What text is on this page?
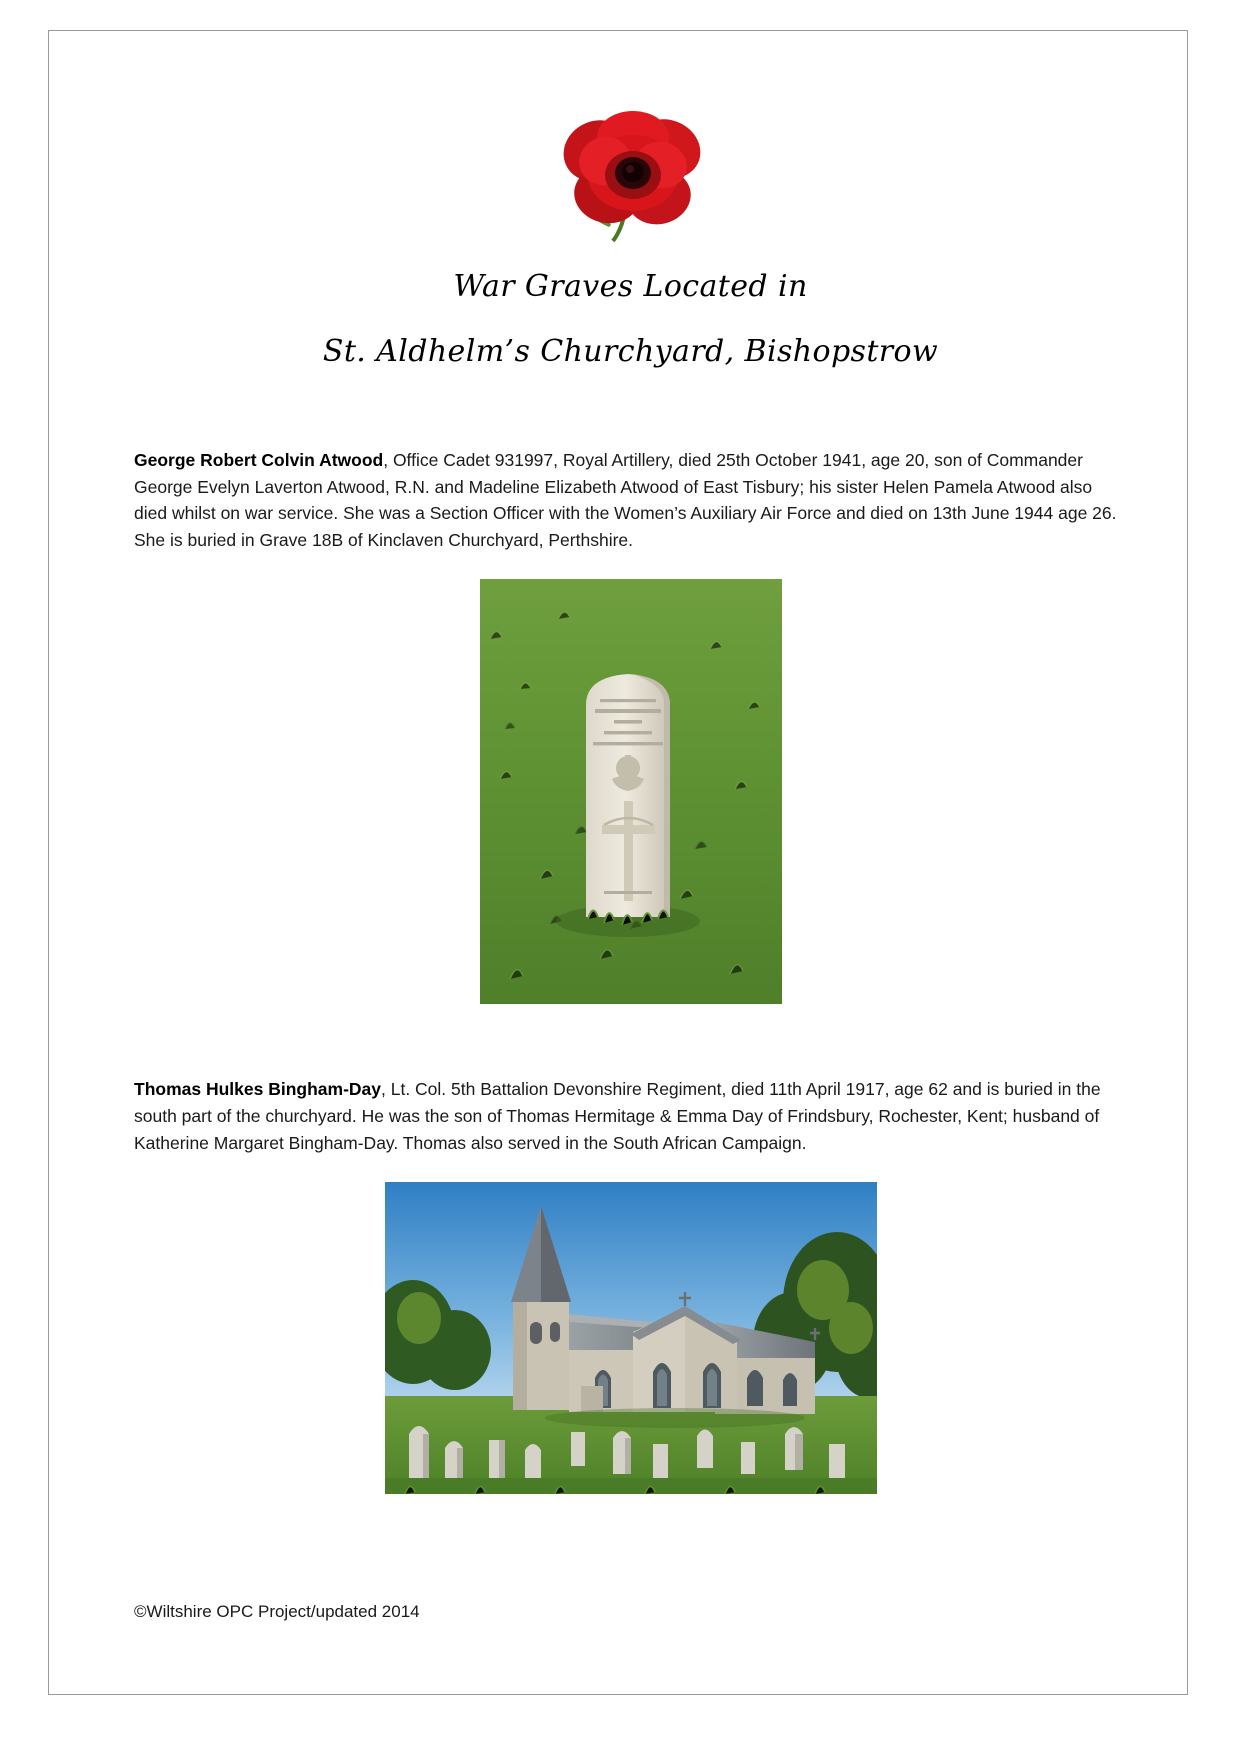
War Graves Located in
St. Aldhelm’s Churchyard, Bishopstrow

George Robert Colvin Atwood, Office Cadet 931997, Royal Artillery, died 25th October 1941, age 20, son of Commander George Evelyn Laverton Atwood, R.N. and Madeline Elizabeth Atwood of East Tisbury; his sister Helen Pamela Atwood also died whilst on war service. She was a Section Officer with the Women’s Auxiliary Air Force and died on 13th June 1944 age 26. She is buried in Grave 18B of Kinclaven Churchyard, Perthshire.

Thomas Hulkes Bingham-Day, Lt. Col. 5th Battalion Devonshire Regiment, died 11th April 1917, age 62 and is buried in the south part of the churchyard. He was the son of Thomas Hermitage & Emma Day of Frindsbury, Rochester, Kent; husband of Katherine Margaret Bingham-Day. Thomas also served in the South African Campaign.

©Wiltshire OPC Project/updated 2014
